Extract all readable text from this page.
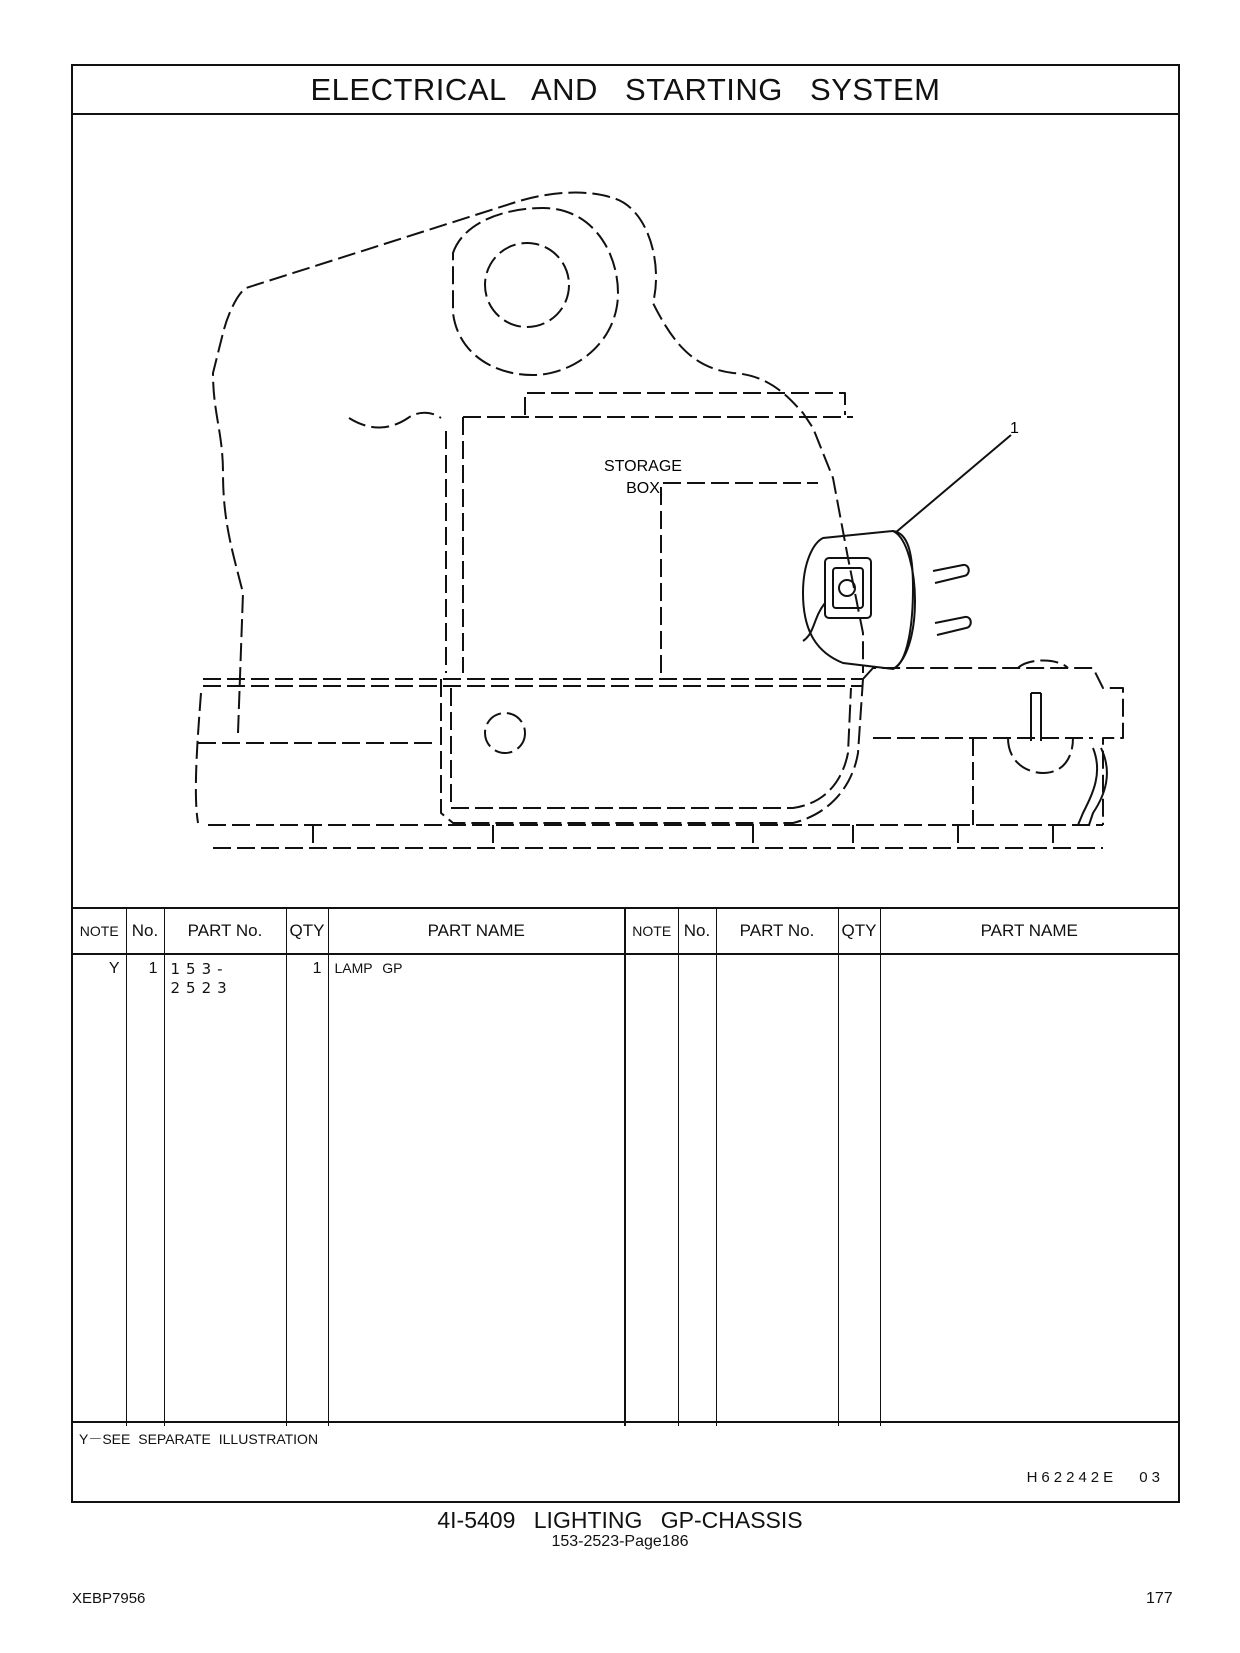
ELECTRICAL AND STARTING SYSTEM
1
STORAGE
BOX
NOTE	No.	PART No.	QTY	PART NAME	NOTE	No.	PART No.	QTY	PART NAME
Y	1	153-2523	1	LAMP GP					
Y－SEE SEPARATE ILLUSTRATION
H62242E 03
4I-5409 LIGHTING GP-CHASSIS
153-2523-Page186
XEBP7956	177
